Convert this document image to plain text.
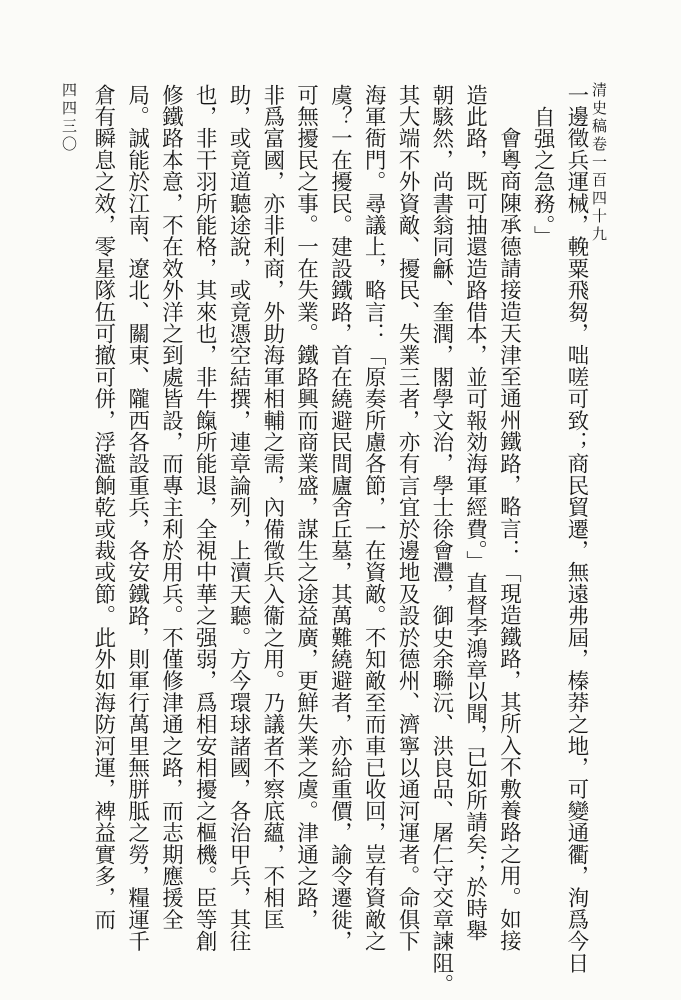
清史稿卷一百四十九
四四三〇	一邊徵兵運械，輓粟飛芻，咄嗟可致；商民貿遷，無遠弗屆，榛莽之地，可變通衢，洵爲今日
自强之急務。」
會粵商陳承德請接造天津至通州鐵路，略言：「現造鐵路，其所入不敷養路之用。如接
造此路，既可抽還造路借本，並可報効海軍經費。」直督李鴻章以聞，已如所請矣；於時舉
朝駭然，尚書翁同龢、奎潤，閣學文治，學士徐會灃，御史余聯沅、洪良品、屠仁守交章諫阻。
其大端不外資敵、擾民、失業三者，亦有言宜於邊地及設於德州、濟寧以通河運者。命俱下
海軍衙門。尋議上，略言：「原奏所慮各節，一在資敵。不知敵至而車已收回，豈有資敵之
虞？一在擾民。建設鐵路，首在繞避民間廬舍丘墓，其萬難繞避者，亦給重價，諭令遷徙，
可無擾民之事。一在失業。鐵路興而商業盛，謀生之途益廣，更鮮失業之虞。津通之路，
非爲富國，亦非利商，外助海軍相輔之需，內備徵兵入衞之用。乃議者不察底蘊，不相匡
助，或竟道聽途說，或竟憑空結撰，連章論列，上瀆天聽。方今環球諸國，各治甲兵，其往
也，非干羽所能格，其來也，非牛餼所能退，全視中華之强弱，爲相安相擾之樞機。臣等創
修鐵路本意，不在效外洋之到處皆設，而專主利於用兵。不僅修津通之路，而志期應援全
局。誠能於江南、遼北、關東、隴西各設重兵，各安鐵路，則軍行萬里無胼胝之勞，糧運千
倉有瞬息之效，零星隊伍可撤可併，浮濫餉乾或裁或節。此外如海防河運，裨益實多，而
